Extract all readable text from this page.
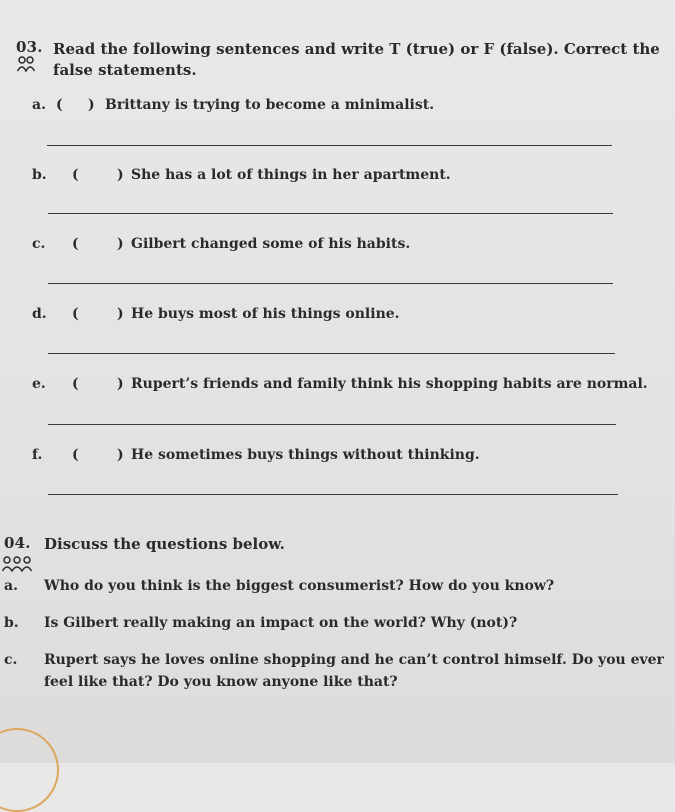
03. Read the following sentences and write T (true) or F (false). Correct the
false statements.
a. ( ) Brittany is trying to become a minimalist.
b. (	) She has a lot of things in her apartment.
c. (	) Gilbert changed some of his habits.
d. (	) He buys most of his things online.
e. (	) Rupert’s friends and family think his shopping habits are normal.
f. (	) He sometimes buys things without thinking.
04. Discuss the questions below.
a. Who do you think is the biggest consumerist? How do you know?
b. Is Gilbert really making an impact on the world? Why (not)?
c. Rupert says he loves online shopping and he can’t control himself. Do you ever
feel like that? Do you know anyone like that?
